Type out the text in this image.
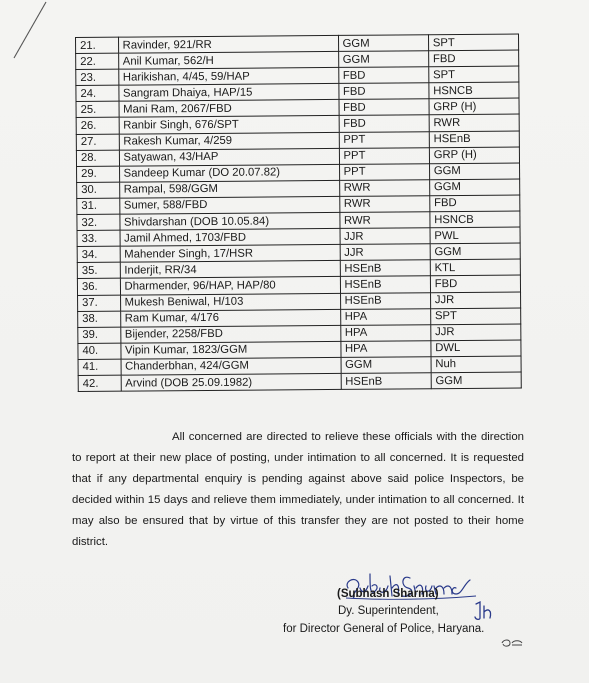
21.	Ravinder, 921/RR	GGM	SPT
22.	Anil Kumar, 562/H	GGM	FBD
23.	Harikishan, 4/45, 59/HAP	FBD	SPT
24.	Sangram Dhaiya, HAP/15	FBD	HSNCB
25.	Mani Ram, 2067/FBD	FBD	GRP (H)
26.	Ranbir Singh, 676/SPT	FBD	RWR
27.	Rakesh Kumar, 4/259	PPT	HSEnB
28.	Satyawan, 43/HAP	PPT	GRP (H)
29.	Sandeep Kumar (DO 20.07.82)	PPT	GGM
30.	Rampal, 598/GGM	RWR	GGM
31.	Sumer, 588/FBD	RWR	FBD
32.	Shivdarshan (DOB 10.05.84)	RWR	HSNCB
33.	Jamil Ahmed, 1703/FBD	JJR	PWL
34.	Mahender Singh, 17/HSR	JJR	GGM
35.	Inderjit, RR/34	HSEnB	KTL
36.	Dharmender, 96/HAP, HAP/80	HSEnB	FBD
37.	Mukesh Beniwal, H/103	HSEnB	JJR
38.	Ram Kumar, 4/176	HPA	SPT
39.	Bijender, 2258/FBD	HPA	JJR
40.	Vipin Kumar, 1823/GGM	HPA	DWL
41.	Chanderbhan, 424/GGM	GGM	Nuh
42.	Arvind (DOB 25.09.1982)	HSEnB	GGM

All concerned are directed to relieve these officials with the direction to report at their new place of posting, under intimation to all concerned. It is requested that if any departmental enquiry is pending against above said police Inspectors, be decided within 15 days and relieve them immediately, under intimation to all concerned. It may also be ensured that by virtue of this transfer they are not posted to their home district.

(Subhash Sharma)
Dy. Superintendent,
for Director General of Police, Haryana.
